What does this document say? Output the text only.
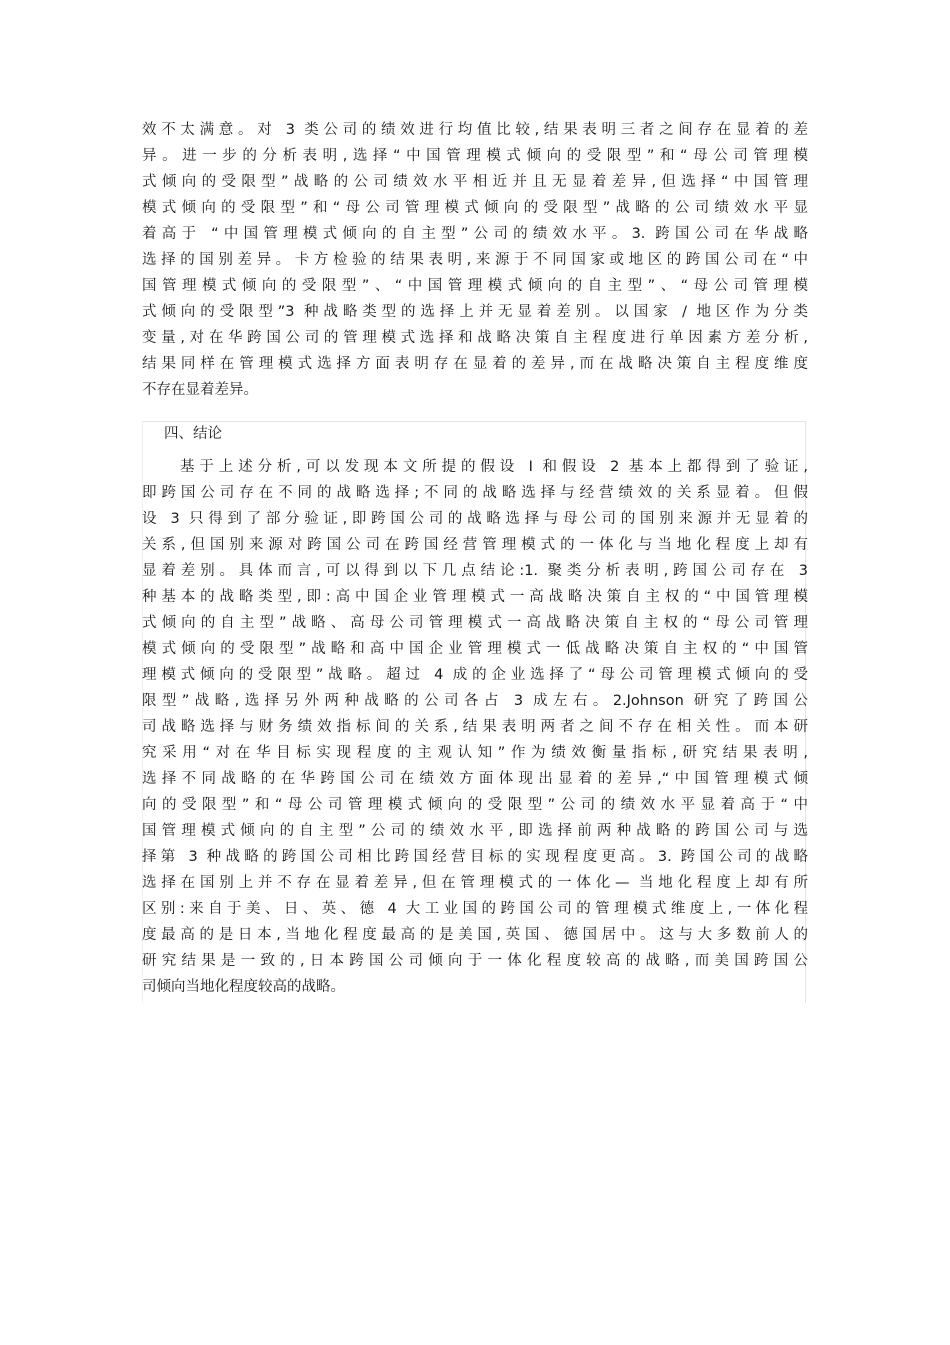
效不太满意。对 3 类公司的绩效进行均值比较,结果表明三者之间存在显着的差
异。进一步的分析表明,选择“中国管理模式倾向的受限型”和“母公司管理模
式倾向的受限型”战略的公司绩效水平相近并且无显着差异,但选择“中国管理
模式倾向的受限型”和“母公司管理模式倾向的受限型”战略的公司绩效水平显
着高于 “中国管理模式倾向的自主型”公司的绩效水平。3. 跨国公司在华战略
选择的国别差异。卡方检验的结果表明,来源于不同国家或地区的跨国公司在“中
国管理模式倾向的受限型”、“中国管理模式倾向的自主型”、“母公司管理模
式倾向的受限型”3 种战略类型的选择上并无显着差别。以国家 / 地区作为分类
变量,对在华跨国公司的管理模式选择和战略决策自主程度进行单因素方差分析,
结果同样在管理模式选择方面表明存在显着的差异,而在战略决策自主程度维度
不存在显着差异。
四、结论
基于上述分析,可以发现本文所提的假设 I 和假设 2 基本上都得到了验证,
即跨国公司存在不同的战略选择;不同的战略选择与经营绩效的关系显着。但假
设 3 只得到了部分验证,即跨国公司的战略选择与母公司的国别来源并无显着的
关系,但国别来源对跨国公司在跨国经营管理模式的一体化与当地化程度上却有
显着差别。具体而言,可以得到以下几点结论:1. 聚类分析表明,跨国公司存在 3
种基本的战略类型,即:高中国企业管理模式一高战略决策自主权的“中国管理模
式倾向的自主型”战略、高母公司管理模式一高战略决策自主权的“母公司管理
模式倾向的受限型”战略和高中国企业管理模式一低战略决策自主权的“中国管
理模式倾向的受限型”战略。超过 4 成的企业选择了“母公司管理模式倾向的受
限型”战略,选择另外两种战略的公司各占 3 成左右。2.Johnson 研究了跨国公
司战略选择与财务绩效指标间的关系,结果表明两者之间不存在相关性。而本研
究采用“对在华目标实现程度的主观认知”作为绩效衡量指标,研究结果表明,
选择不同战略的在华跨国公司在绩效方面体现出显着的差异,“中国管理模式倾
向的受限型”和“母公司管理模式倾向的受限型”公司的绩效水平显着高于“中
国管理模式倾向的自主型”公司的绩效水平,即选择前两种战略的跨国公司与选
择第 3 种战略的跨国公司相比跨国经营目标的实现程度更高。3. 跨国公司的战略
选择在国别上并不存在显着差异,但在管理模式的一体化— 当地化程度上却有所
区别:来自于美、日、英、德 4 大工业国的跨国公司的管理模式维度上,一体化程
度最高的是日本,当地化程度最高的是美国,英国、德国居中。这与大多数前人的
研究结果是一致的,日本跨国公司倾向于一体化程度较高的战略,而美国跨国公
司倾向当地化程度较高的战略。
